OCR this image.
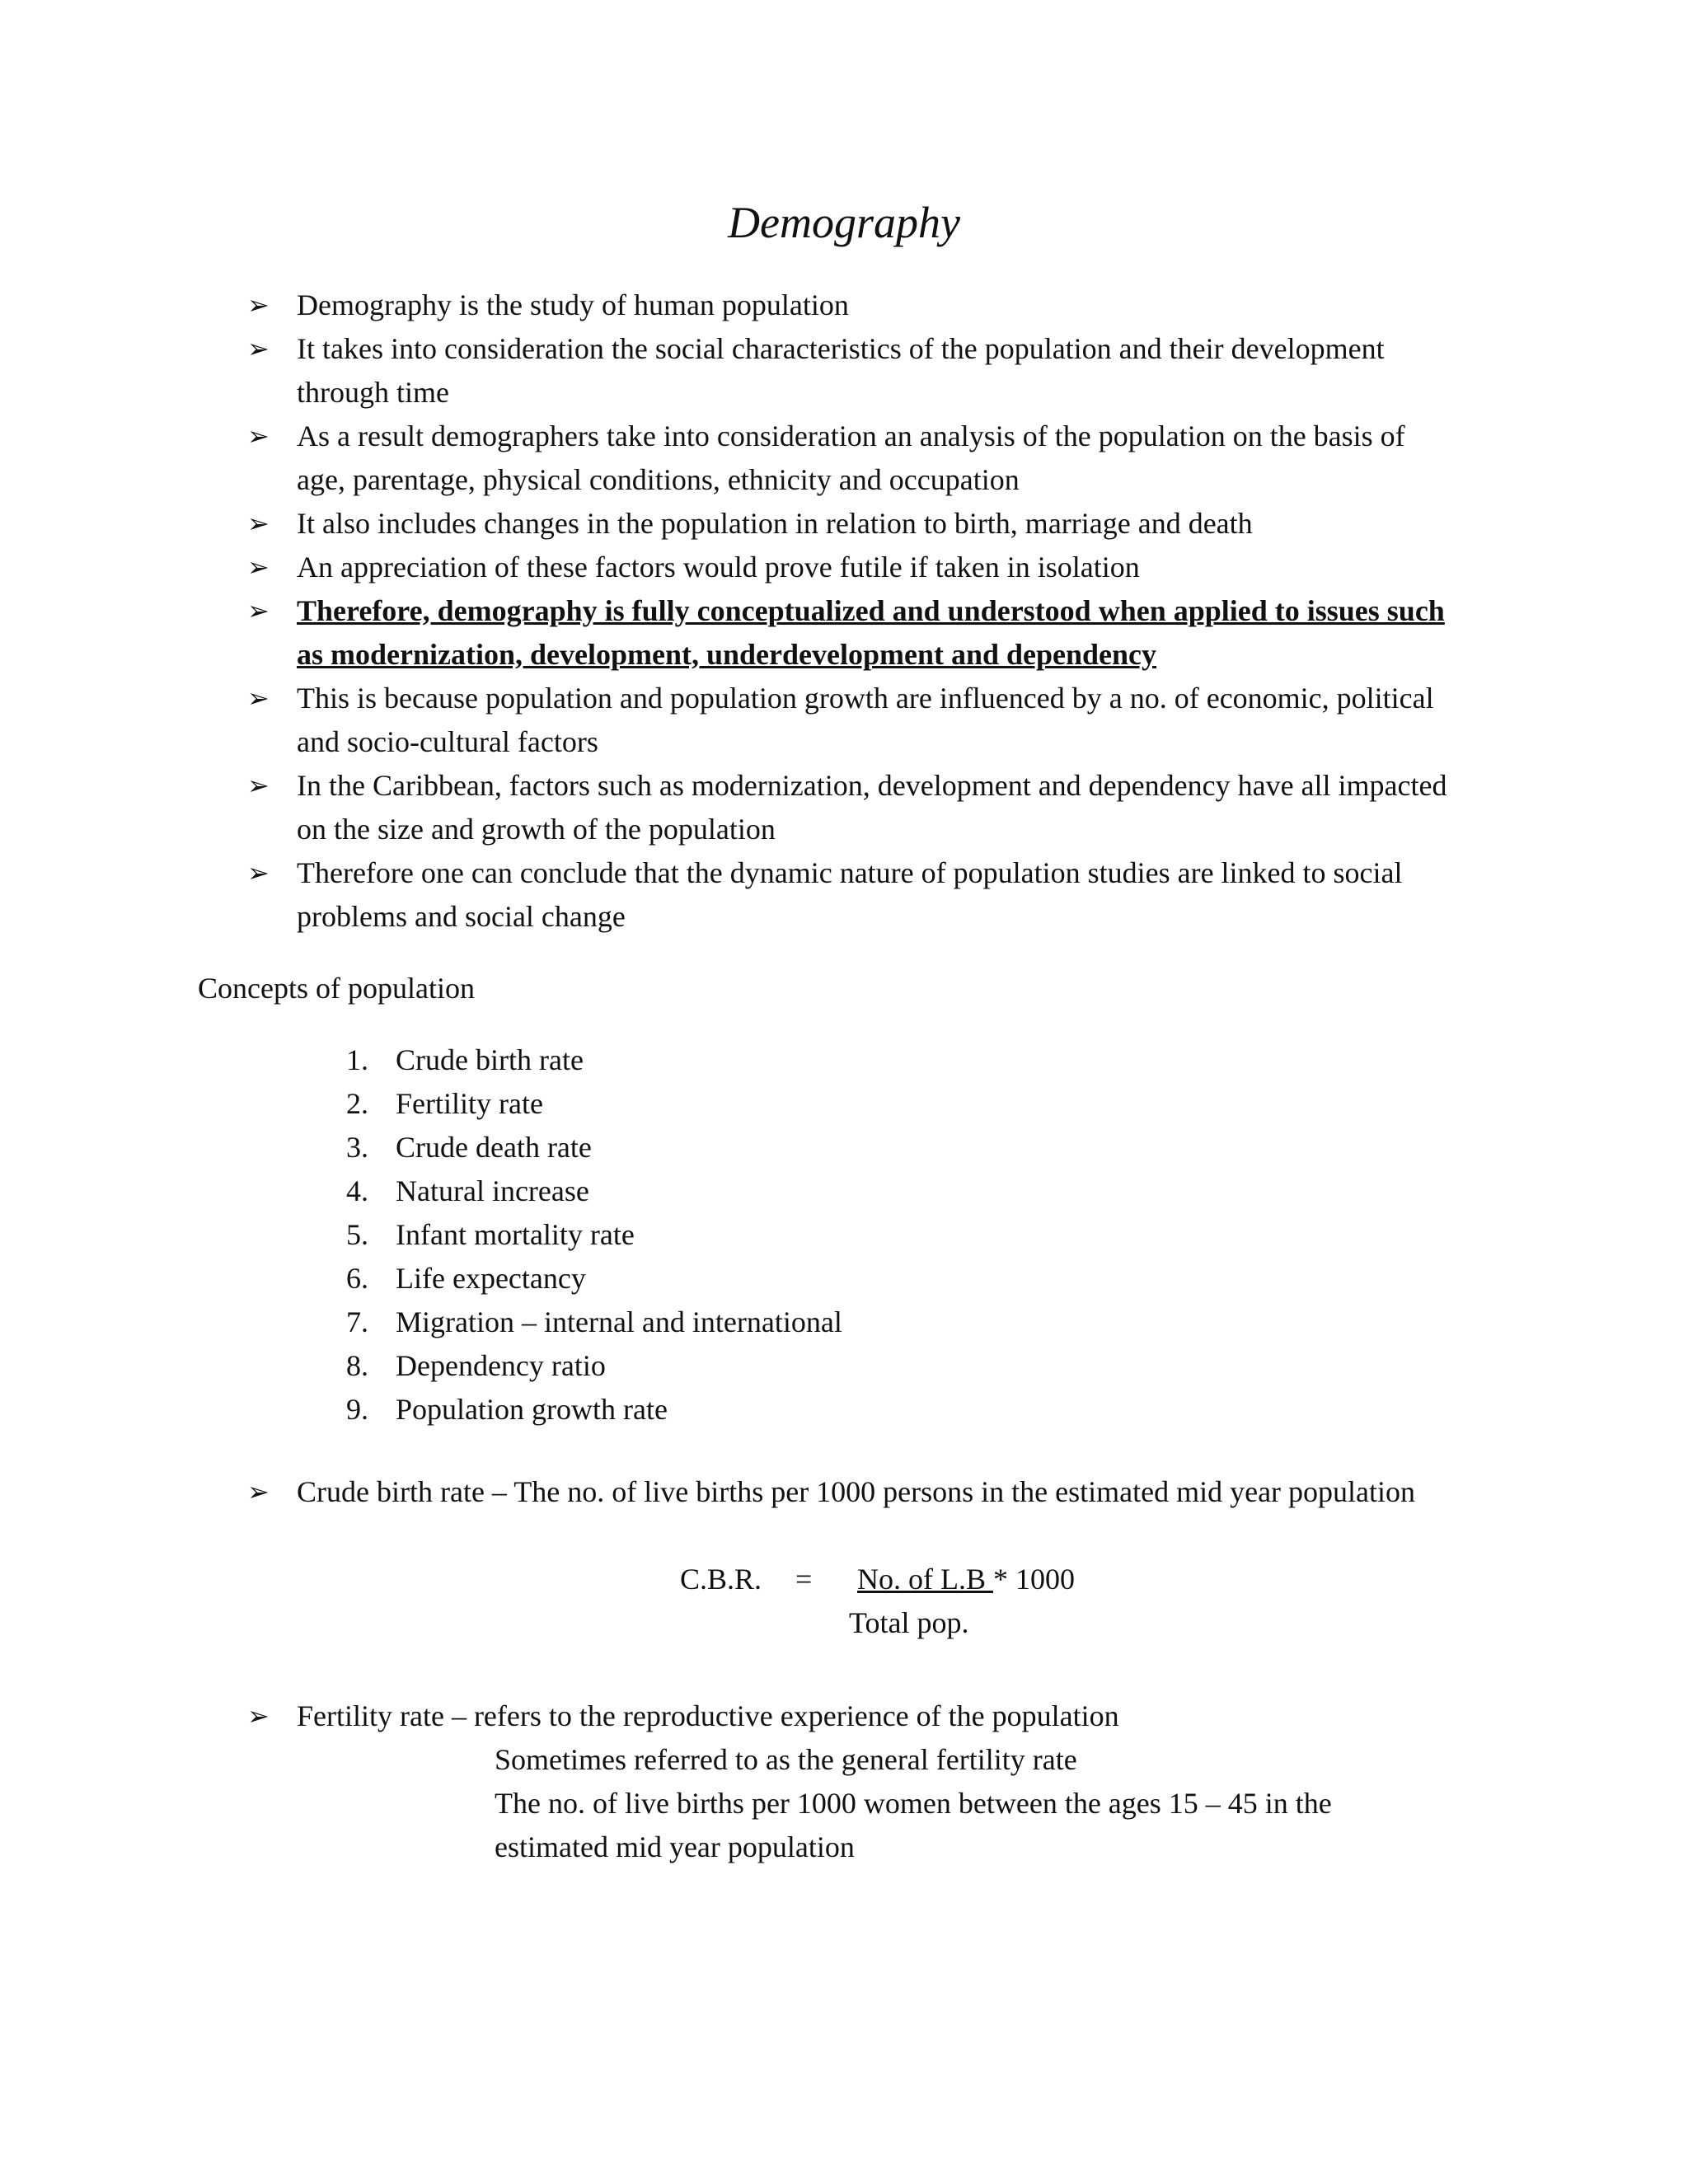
Demography

➢ Demography is the study of human population

➢ It takes into consideration the social characteristics of the population and their development through time

➢ As a result demographers take into consideration an analysis of the population on the basis of age, parentage, physical conditions, ethnicity and occupation

➢ It also includes changes in the population in relation to birth, marriage and death

➢ An appreciation of these factors would prove futile if taken in isolation

➢ Therefore, demography is fully conceptualized and understood when applied to issues such as modernization, development, underdevelopment and dependency

➢ This is because population and population growth are influenced by a no. of economic, political and socio-cultural factors

➢ In the Caribbean, factors such as modernization, development and dependency have all impacted on the size and growth of the population

➢ Therefore one can conclude that the dynamic nature of population studies are linked to social problems and social change

Concepts of population
1. Crude birth rate
2. Fertility rate
3. Crude death rate
4. Natural increase
5. Infant mortality rate
6. Life expectancy
7. Migration – internal and international
8. Dependency ratio
9. Population growth rate

➢ Crude birth rate – The no. of live births per 1000 persons in the estimated mid year population

C.B.R. = No. of L.B * 1000
Total pop.

➢ Fertility rate – refers to the reproductive experience of the population

Sometimes referred to as the general fertility rate
The no. of live births per 1000 women between the ages 15 – 45 in the estimated mid year population
